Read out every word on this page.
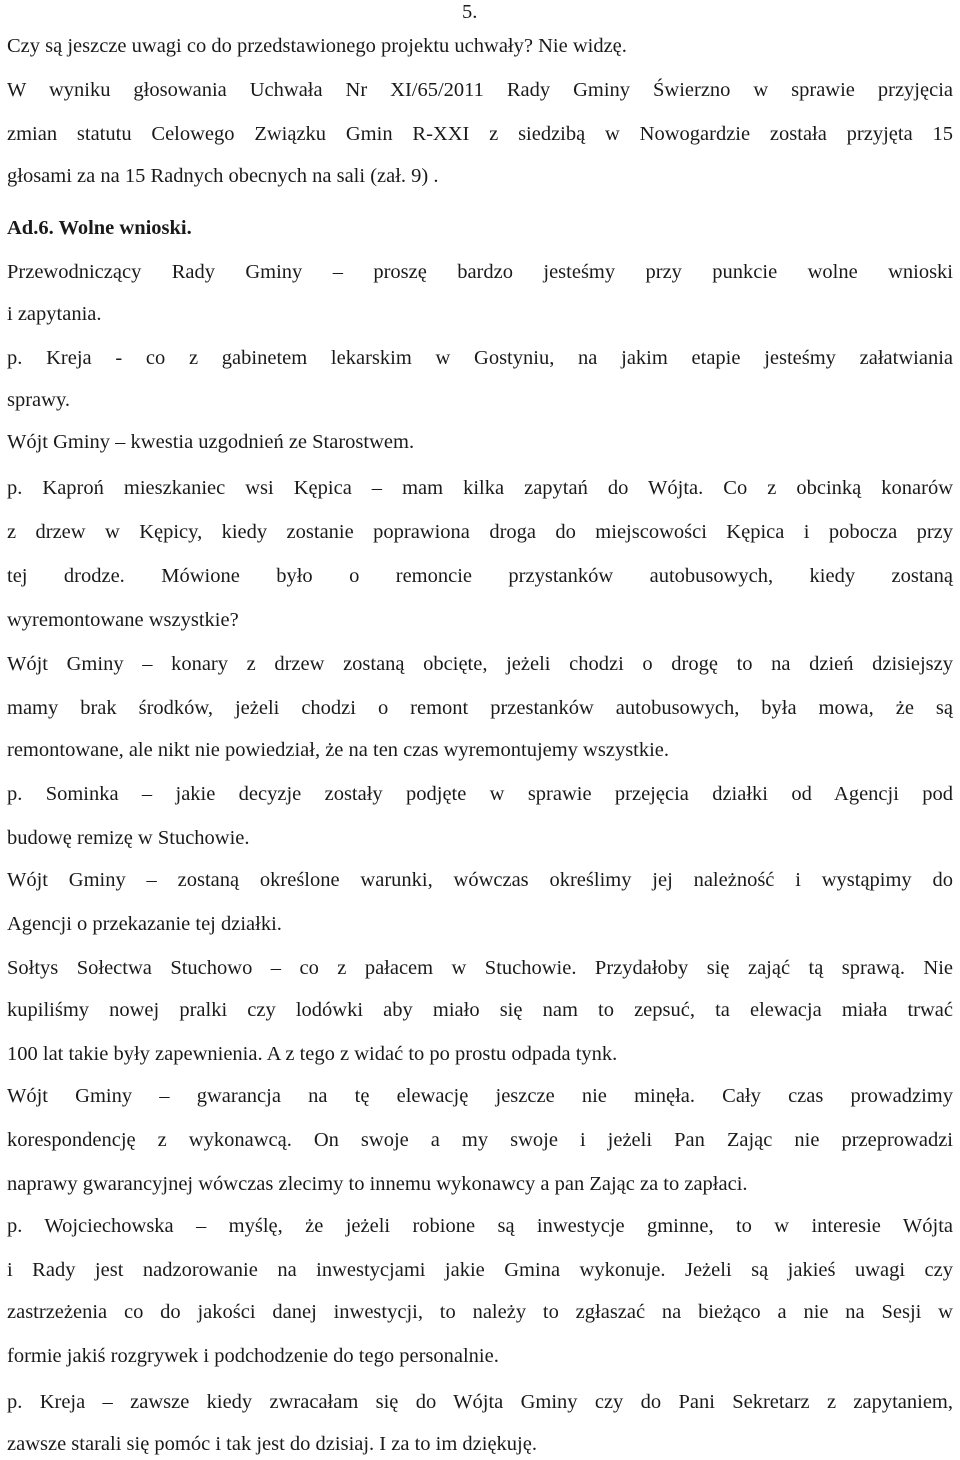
5.
Czy są jeszcze uwagi co do przedstawionego projektu uchwały? Nie widzę.
W wyniku głosowania Uchwała Nr XI/65/2011 Rady Gminy Świerzno w sprawie przyjęcia
zmian statutu Celowego Związku Gmin R-XXI z siedzibą w Nowogardzie została przyjęta 15
głosami za na 15 Radnych obecnych na sali (zał. 9) .
Ad.6. Wolne wnioski.
Przewodniczący Rady Gminy – proszę bardzo jesteśmy przy punkcie wolne wnioski
i zapytania.
p. Kreja - co z gabinetem lekarskim w Gostyniu, na jakim etapie jesteśmy załatwiania
sprawy.
Wójt Gminy – kwestia uzgodnień ze Starostwem.
p. Kaproń mieszkaniec wsi Kępica – mam kilka zapytań do Wójta. Co z obcinką konarów
z drzew w Kępicy, kiedy zostanie poprawiona droga do miejscowości Kępica i pobocza przy
tej drodze. Mówione było o remoncie przystanków autobusowych, kiedy zostaną
wyremontowane wszystkie?
Wójt Gminy – konary z drzew zostaną obcięte, jeżeli chodzi o drogę to na dzień dzisiejszy
mamy brak środków, jeżeli chodzi o remont przestanków autobusowych, była mowa, że są
remontowane, ale nikt nie powiedział, że na ten czas wyremontujemy wszystkie.
p. Sominka – jakie decyzje zostały podjęte w sprawie przejęcia działki od Agencji pod
budowę remizę w Stuchowie.
Wójt Gminy – zostaną określone warunki, wówczas określimy jej należność i wystąpimy do
Agencji o przekazanie tej działki.
Sołtys Sołectwa Stuchowo – co z pałacem w Stuchowie. Przydałoby się zająć tą sprawą. Nie
kupiliśmy nowej pralki czy lodówki aby miało się nam to zepsuć, ta elewacja miała trwać
100 lat takie były zapewnienia. A z tego z widać to po prostu odpada tynk.
Wójt Gminy – gwarancja na tę elewację jeszcze nie minęła. Cały czas prowadzimy
korespondencję z wykonawcą. On swoje a my swoje i jeżeli Pan Zając nie przeprowadzi
naprawy gwarancyjnej wówczas zlecimy to innemu wykonawcy a pan Zając za to zapłaci.
p. Wojciechowska – myślę, że jeżeli robione są inwestycje gminne, to w interesie Wójta
i Rady jest nadzorowanie na inwestycjami jakie Gmina wykonuje. Jeżeli są jakieś uwagi czy
zastrzeżenia co do jakości danej inwestycji, to należy to zgłaszać na bieżąco a nie na Sesji w
formie jakiś rozgrywek i podchodzenie do tego personalnie.
p. Kreja – zawsze kiedy zwracałam się do Wójta Gminy czy do Pani Sekretarz z zapytaniem,
zawsze starali się pomóc i tak jest do dzisiaj. I za to im dziękuję.
